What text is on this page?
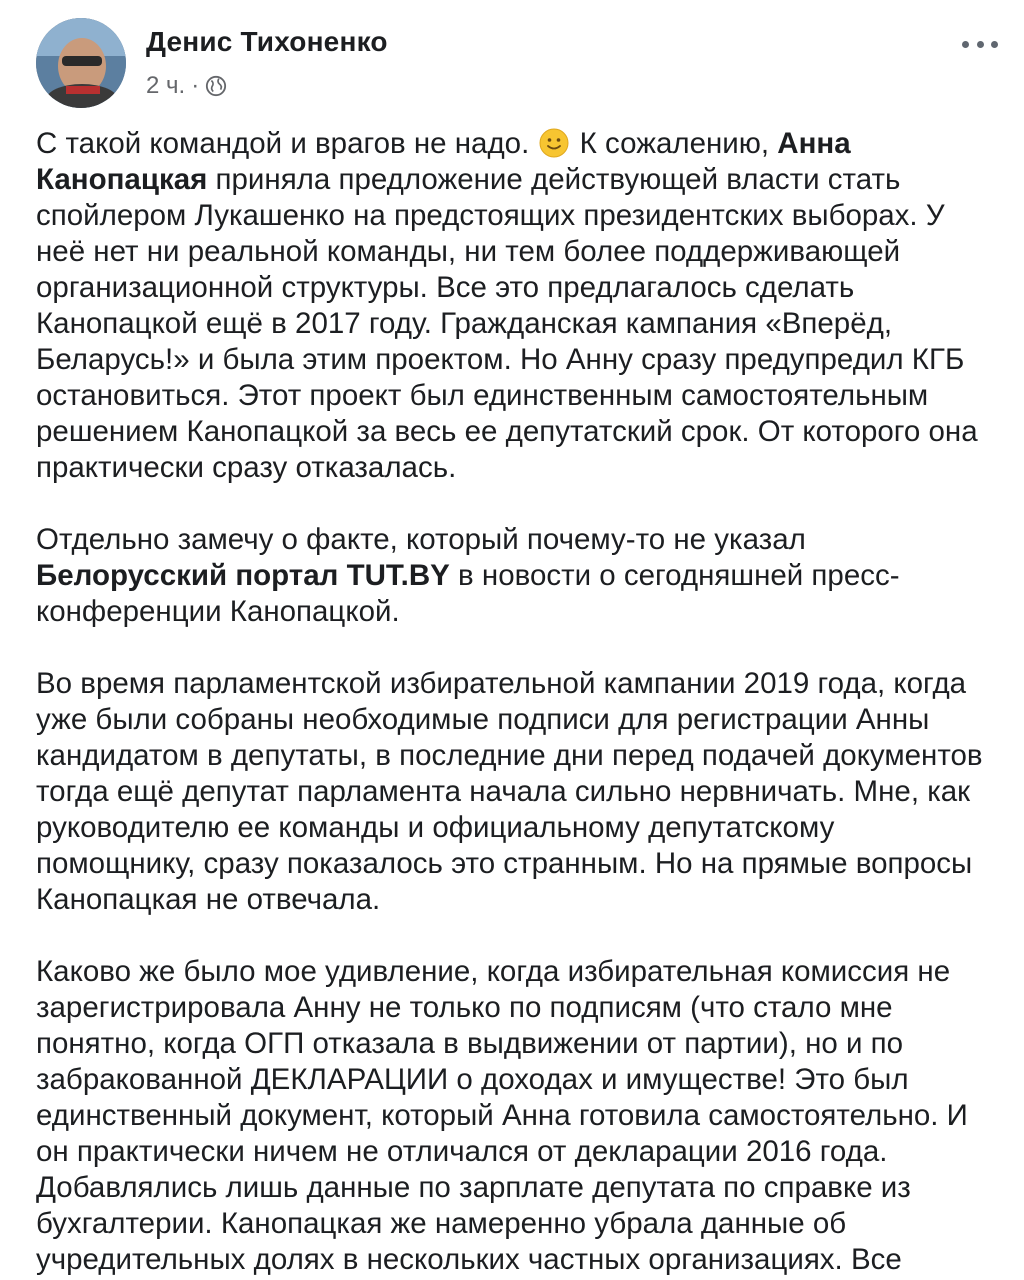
Денис Тихоненко
2 ч. ·

С такой командой и врагов не надо.  К сожалению, Анна Канопацкая приняла предложение действующей власти стать спойлером Лукашенко на предстоящих президентских выборах. У неё нет ни реальной команды, ни тем более поддерживающей организационной структуры. Все это предлагалось сделать Канопацкой ещё в 2017 году. Гражданская кампания «Вперёд, Беларусь!» и была этим проектом. Но Анну сразу предупредил КГБ остановиться. Этот проект был единственным самостоятельным решением Канопацкой за весь ее депутатский срок. От которого она практически сразу отказалась.

Отдельно замечу о факте, который почему-то не указал Белорусский портал TUT.BY в новости о сегодняшней пресс-конференции Канопацкой.

Во время парламентской избирательной кампании 2019 года, когда уже были собраны необходимые подписи для регистрации Анны кандидатом в депутаты, в последние дни перед подачей документов тогда ещё депутат парламента начала сильно нервничать. Мне, как руководителю ее команды и официальному депутатскому помощнику, сразу показалось это странным. Но на прямые вопросы Канопацкая не отвечала.

Каково же было мое удивление, когда избирательная комиссия не зарегистрировала Анну не только по подписям (что стало мне понятно, когда ОГП отказала в выдвижении от партии), но и по забракованной ДЕКЛАРАЦИИ о доходах и имуществе! Это был единственный документ, который Анна готовила самостоятельно. И он практически ничем не отличался от декларации 2016 года. Добавлялись лишь данные по зарплате депутата по справке из бухгалтерии. Канопацкая же намеренно убрала данные об учредительных долях в нескольких частных организациях. Все
